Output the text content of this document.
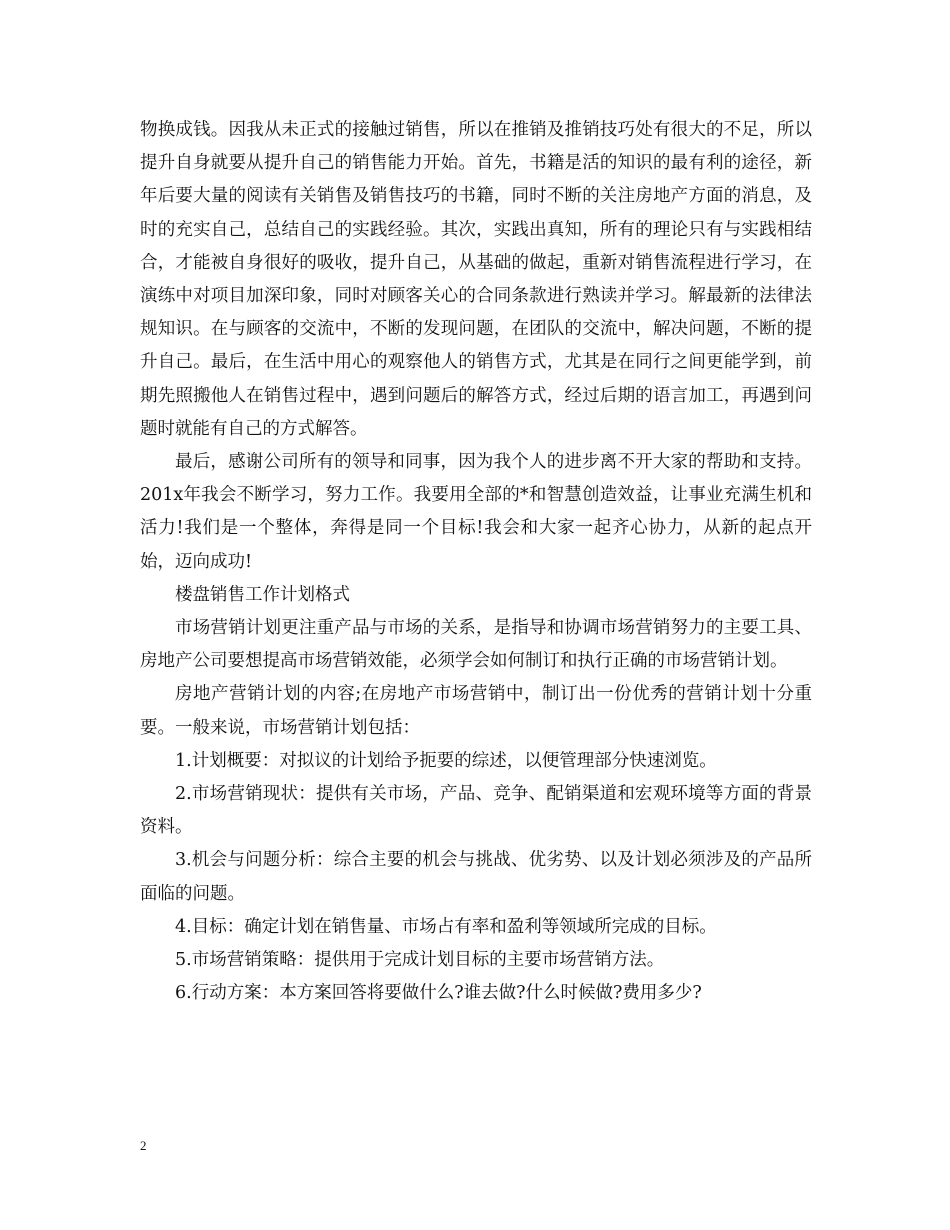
物换成钱。因我从未正式的接触过销售，所以在推销及推销技巧处有很大的不足，所以提升自身就要从提升自己的销售能力开始。首先，书籍是活的知识的最有利的途径，新年后要大量的阅读有关销售及销售技巧的书籍，同时不断的关注房地产方面的消息，及时的充实自己，总结自己的实践经验。其次，实践出真知，所有的理论只有与实践相结合，才能被自身很好的吸收，提升自己，从基础的做起，重新对销售流程进行学习，在演练中对项目加深印象，同时对顾客关心的合同条款进行熟读并学习。解最新的法律法规知识。在与顾客的交流中，不断的发现问题，在团队的交流中，解决问题，不断的提升自己。最后，在生活中用心的观察他人的销售方式，尤其是在同行之间更能学到，前期先照搬他人在销售过程中，遇到问题后的解答方式，经过后期的语言加工，再遇到问题时就能有自己的方式解答。

最后，感谢公司所有的领导和同事，因为我个人的进步离不开大家的帮助和支持。201x年我会不断学习，努力工作。我要用全部的*和智慧创造效益，让事业充满生机和活力!我们是一个整体，奔得是同一个目标!我会和大家一起齐心协力，从新的起点开始，迈向成功!

楼盘销售工作计划格式

市场营销计划更注重产品与市场的关系，是指导和协调市场营销努力的主要工具、房地产公司要想提高市场营销效能，必须学会如何制订和执行正确的市场营销计划。

房地产营销计划的内容;在房地产市场营销中，制订出一份优秀的营销计划十分重要。一般来说，市场营销计划包括：

1.计划概要：对拟议的计划给予扼要的综述，以便管理部分快速浏览。

2.市场营销现状：提供有关市场，产品、竞争、配销渠道和宏观环境等方面的背景资料。

3.机会与问题分析：综合主要的机会与挑战、优劣势、以及计划必须涉及的产品所面临的问题。

4.目标：确定计划在销售量、市场占有率和盈利等领域所完成的目标。

5.市场营销策略：提供用于完成计划目标的主要市场营销方法。

6.行动方案：本方案回答将要做什么?谁去做?什么时候做?费用多少?

2
